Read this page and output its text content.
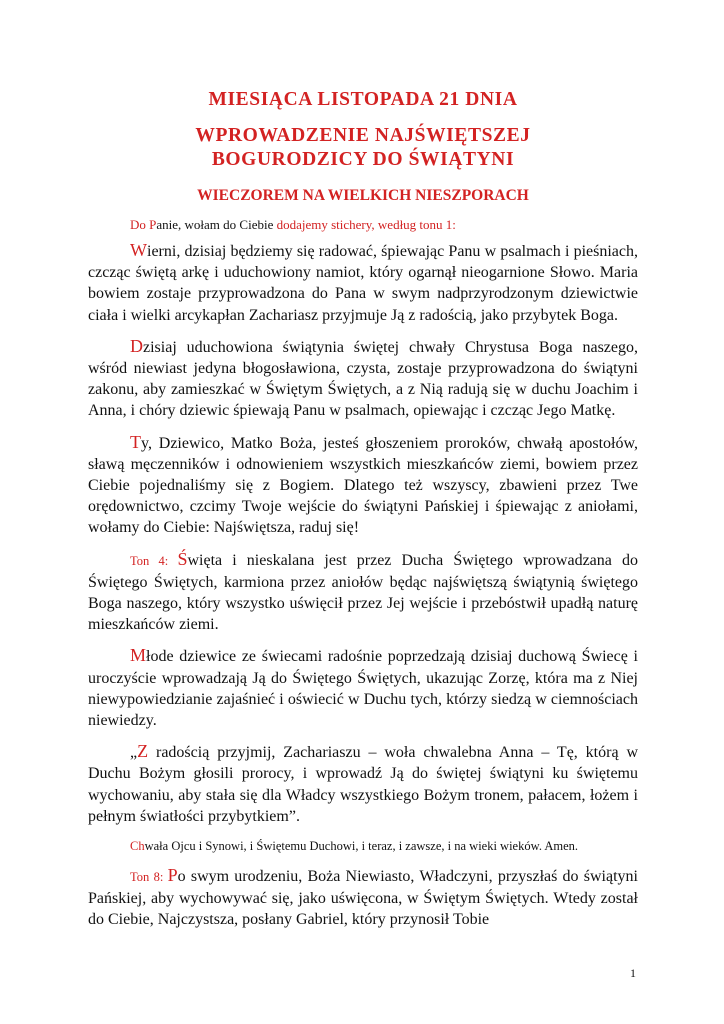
MIESIĄCA LISTOPADA 21 DNIA
WPROWADZENIE NAJŚWIĘTSZEJ
BOGURODZICY DO ŚWIĄTYNI
WIECZOREM NA WIELKICH NIESZPORACH

Do Panie, wołam do Ciebie dodajemy stichery, według tonu 1:

Wierni, dzisiaj będziemy się radować, śpiewając Panu w psalmach i pieśniach, czcząc świętą arkę i uduchowiony namiot, który ogarnął nieogarnione Słowo. Maria bowiem zostaje przyprowadzona do Pana w swym nadprzyrodzonym dziewictwie ciała i wielki arcykapłan Zachariasz przyjmuje Ją z radością, jako przybytek Boga.

Dzisiaj uduchowiona świątynia świętej chwały Chrystusa Boga naszego, wśród niewiast jedyna błogosławiona, czysta, zostaje przyprowadzona do świątyni zakonu, aby zamieszkać w Świętym Świętych, a z Nią radują się w duchu Joachim i Anna, i chóry dziewic śpiewają Panu w psalmach, opiewając i czcząc Jego Matkę.

Ty, Dziewico, Matko Boża, jesteś głoszeniem proroków, chwałą apostołów, sławą męczenników i odnowieniem wszystkich mieszkańców ziemi, bowiem przez Ciebie pojednaliśmy się z Bogiem. Dlatego też wszyscy, zbawieni przez Twe orędownictwo, czcimy Twoje wejście do świątyni Pańskiej i śpiewając z aniołami, wołamy do Ciebie: Najświętsza, raduj się!

Ton 4: Święta i nieskalana jest przez Ducha Świętego wprowadzana do Świętego Świętych, karmiona przez aniołów będąc najświętszą świątynią świętego Boga naszego, który wszystko uświęcił przez Jej wejście i przebóstwił upadłą naturę mieszkańców ziemi.

Młode dziewice ze świecami radośnie poprzedzają dzisiaj duchową Świecę i uroczyście wprowadzają Ją do Świętego Świętych, ukazując Zorzę, która ma z Niej niewypowiedzianie zajaśnieć i oświecić w Duchu tych, którzy siedzą w ciemnościach niewiedzy.

„Z radością przyjmij, Zachariaszu – woła chwalebna Anna – Tę, którą w Duchu Bożym głosili prorocy, i wprowadź Ją do świętej świątyni ku świętemu wychowaniu, aby stała się dla Władcy wszystkiego Bożym tronem, pałacem, łożem i pełnym światłości przybytkiem”.

Chwała Ojcu i Synowi, i Świętemu Duchowi, i teraz, i zawsze, i na wieki wieków. Amen.

Ton 8: Po swym urodzeniu, Boża Niewiasto, Władczyni, przyszłaś do świątyni Pańskiej, aby wychowywać się, jako uświęcona, w Świętym Świętych. Wtedy został do Ciebie, Najczystsza, posłany Gabriel, który przynosił Tobie

1
